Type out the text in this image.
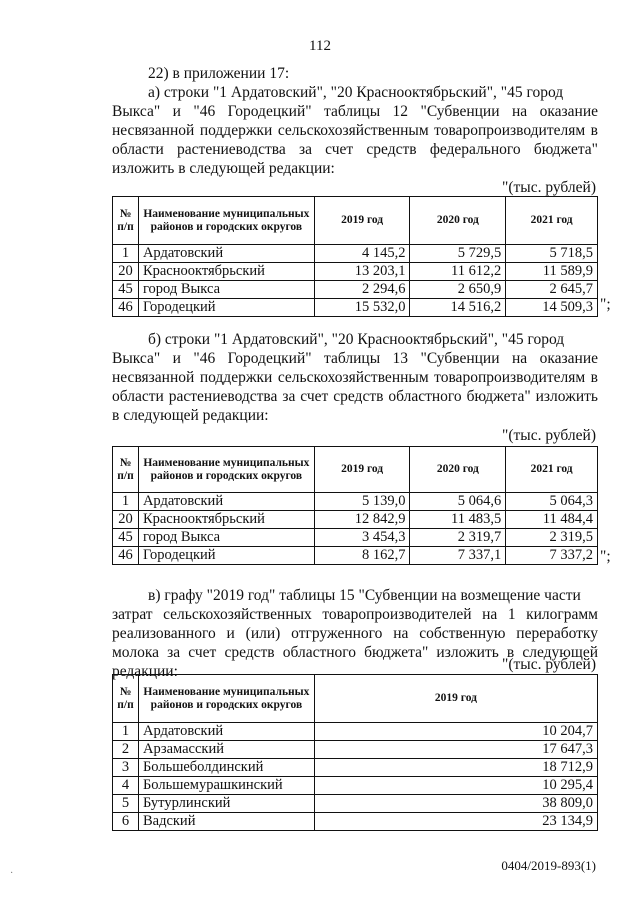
112
22) в приложении 17:
а) строки "1 Ардатовский", "20 Краснооктябрьский", "45 город
Выкса" и "46 Городецкий" таблицы 12 "Субвенции на оказание несвязанной поддержки сельскохозяйственным товаропроизводителям в области растениеводства за счет средств федерального бюджета" изложить в следующей редакции:
"(тыс. рублей)
№ п/п	Наименование муниципальных районов и городских округов	2019 год	2020 год	2021 год
1	Ардатовский	4 145,2	5 729,5	5 718,5
20	Краснооктябрьский	13 203,1	11 612,2	11 589,9
45	город Выкса	2 294,6	2 650,9	2 645,7
46	Городецкий	15 532,0	14 516,2	14 509,3 ";
б) строки "1 Ардатовский", "20 Краснооктябрьский", "45 город
Выкса" и "46 Городецкий" таблицы 13 "Субвенции на оказание несвязанной поддержки сельскохозяйственным товаропроизводителям в области растениеводства за счет средств областного бюджета" изложить в следующей редакции:
"(тыс. рублей)
№ п/п	Наименование муниципальных районов и городских округов	2019 год	2020 год	2021 год
1	Ардатовский	5 139,0	5 064,6	5 064,3
20	Краснооктябрьский	12 842,9	11 483,5	11 484,4
45	город Выкса	3 454,3	2 319,7	2 319,5
46	Городецкий	8 162,7	7 337,1	7 337,2 ";
в) графу "2019 год" таблицы 15 "Субвенции на возмещение части
затрат сельскохозяйственных товаропроизводителей на 1 килограмм реализованного и (или) отгруженного на собственную переработку молока за счет средств областного бюджета" изложить в следующей редакции:	"(тыс. рублей)
№ п/п	Наименование муниципальных районов и городских округов	2019 год
1	Ардатовский	10 204,7
2	Арзамасский	17 647,3
3	Большеболдинский	18 712,9
4	Большемурашкинский	10 295,4
5	Бутурлинский	38 809,0
6	Вадский	23 134,9
0404/2019-893(1)
·
